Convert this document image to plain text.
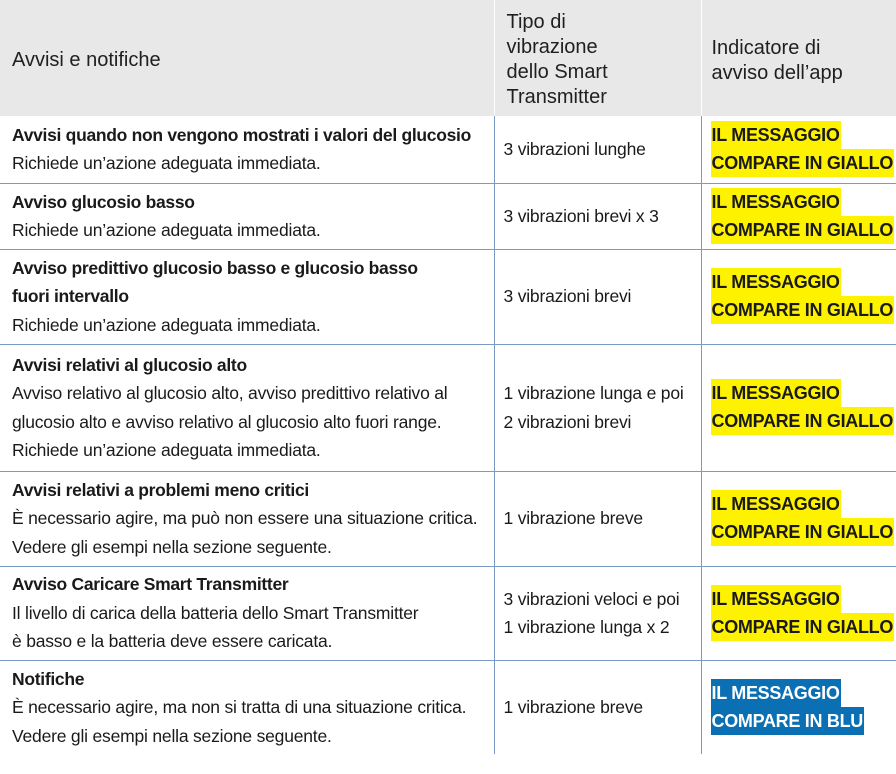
Avvisi e notifiche	Tipo di
vibrazione
dello Smart
Transmitter	Indicatore di
avviso dell’app

Avvisi quando non vengono mostrati i valori del glucosio
Richiede un’azione adeguata immediata.	3 vibrazioni lunghe	IL MESSAGGIO
COMPARE IN GIALLO

Avviso glucosio basso
Richiede un’azione adeguata immediata.	3 vibrazioni brevi x 3	IL MESSAGGIO
COMPARE IN GIALLO

Avviso predittivo glucosio basso e glucosio basso
fuori intervallo
Richiede un’azione adeguata immediata.	3 vibrazioni brevi	IL MESSAGGIO
COMPARE IN GIALLO

Avvisi relativi al glucosio alto
Avviso relativo al glucosio alto, avviso predittivo relativo al
glucosio alto e avviso relativo al glucosio alto fuori range.
Richiede un’azione adeguata immediata.	1 vibrazione lunga e poi
2 vibrazioni brevi	IL MESSAGGIO
COMPARE IN GIALLO

Avvisi relativi a problemi meno critici
È necessario agire, ma può non essere una situazione critica.
Vedere gli esempi nella sezione seguente.	1 vibrazione breve	IL MESSAGGIO
COMPARE IN GIALLO

Avviso Caricare Smart Transmitter
Il livello di carica della batteria dello Smart Transmitter
è basso e la batteria deve essere caricata.	3 vibrazioni veloci e poi
1 vibrazione lunga x 2	IL MESSAGGIO
COMPARE IN GIALLO

Notifiche
È necessario agire, ma non si tratta di una situazione critica.
Vedere gli esempi nella sezione seguente.	1 vibrazione breve	IL MESSAGGIO
COMPARE IN BLU
